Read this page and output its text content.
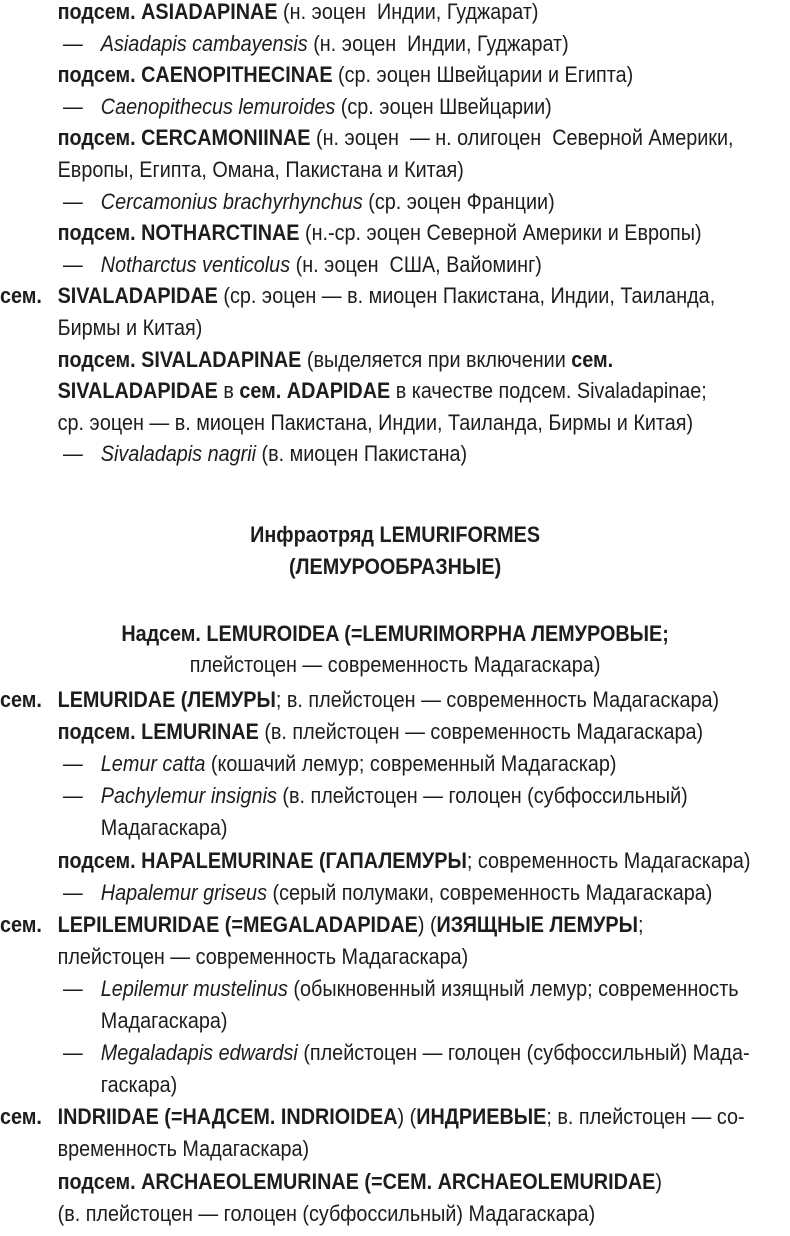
подсем. ASIADAPINAE (н. эоцен  Индии, Гуджарат)
— Asiadapis cambayensis (н. эоцен  Индии, Гуджарат)
подсем. CAENOPITHECINAE (ср. эоцен Швейцарии и Египта)
— Caenopithecus lemuroides (ср. эоцен Швейцарии)
подсем. CERCAMONIINAE (н. эоцен  — н. олигоцен  Северной Америки,
Европы, Египта, Омана, Пакистана и Китая)
— Cercamonius brachyrhynchus (ср. эоцен Франции)
подсем. NOTHARCTINAE (н.-ср. эоцен Северной Америки и Европы)
— Notharctus venticolus (н. эоцен  США, Вайоминг)
сем. SIVALADAPIDAE (ср. эоцен — в. миоцен Пакистана, Индии, Таиланда,
Бирмы и Китая)
подсем. SIVALADAPINAE (выделяется при включении сем.
SIVALADAPIDAE в сем. ADAPIDAE в качестве подсем. Sivaladapinae;
ср. эоцен — в. миоцен Пакистана, Индии, Таиланда, Бирмы и Китая)
— Sivaladapis nagrii (в. миоцен Пакистана)
Инфраотряд LEMURIFORMES
(ЛЕМУРООБРАЗНЫЕ)
Надсем. LEMUROIDEA (=LEMURIMORPHA ЛЕМУРОВЫЕ;
плейстоцен — современность Мадагаскара)
сем. LEMURIDAE (ЛЕМУРЫ; в. плейстоцен — современность Мадагаскара)
подсем. LEMURINAE (в. плейстоцен — современность Мадагаскара)
— Lemur catta (кошачий лемур; современный Мадагаскар)
— Pachylemur insignis (в. плейстоцен — голоцен (субфоссильный)
Мадагаскара)
подсем. HAPALEMURINAE (ГАПАЛЕМУРЫ; современность Мадагаскара)
— Hapalemur griseus (серый полумаки, современность Мадагаскара)
сем. LEPILEMURIDAE (=MEGALADAPIDAE) (ИЗЯЩНЫЕ ЛЕМУРЫ;
плейстоцен — современность Мадагаскара)
— Lepilemur mustelinus (обыкновенный изящный лемур; современность
Мадагаскара)
— Megaladapis edwardsi (плейстоцен — голоцен (субфоссильный) Мада-
гаскара)
сем. INDRIIDAE (=НАДСЕМ. INDRIOIDEA) (ИНДРИЕВЫЕ; в. плейстоцен — со-
временность Мадагаскара)
подсем. ARCHAEOLEMURINAE (=СЕМ. ARCHAEOLEMURIDAE)
(в. плейстоцен — голоцен (субфоссильный) Мадагаскара)
